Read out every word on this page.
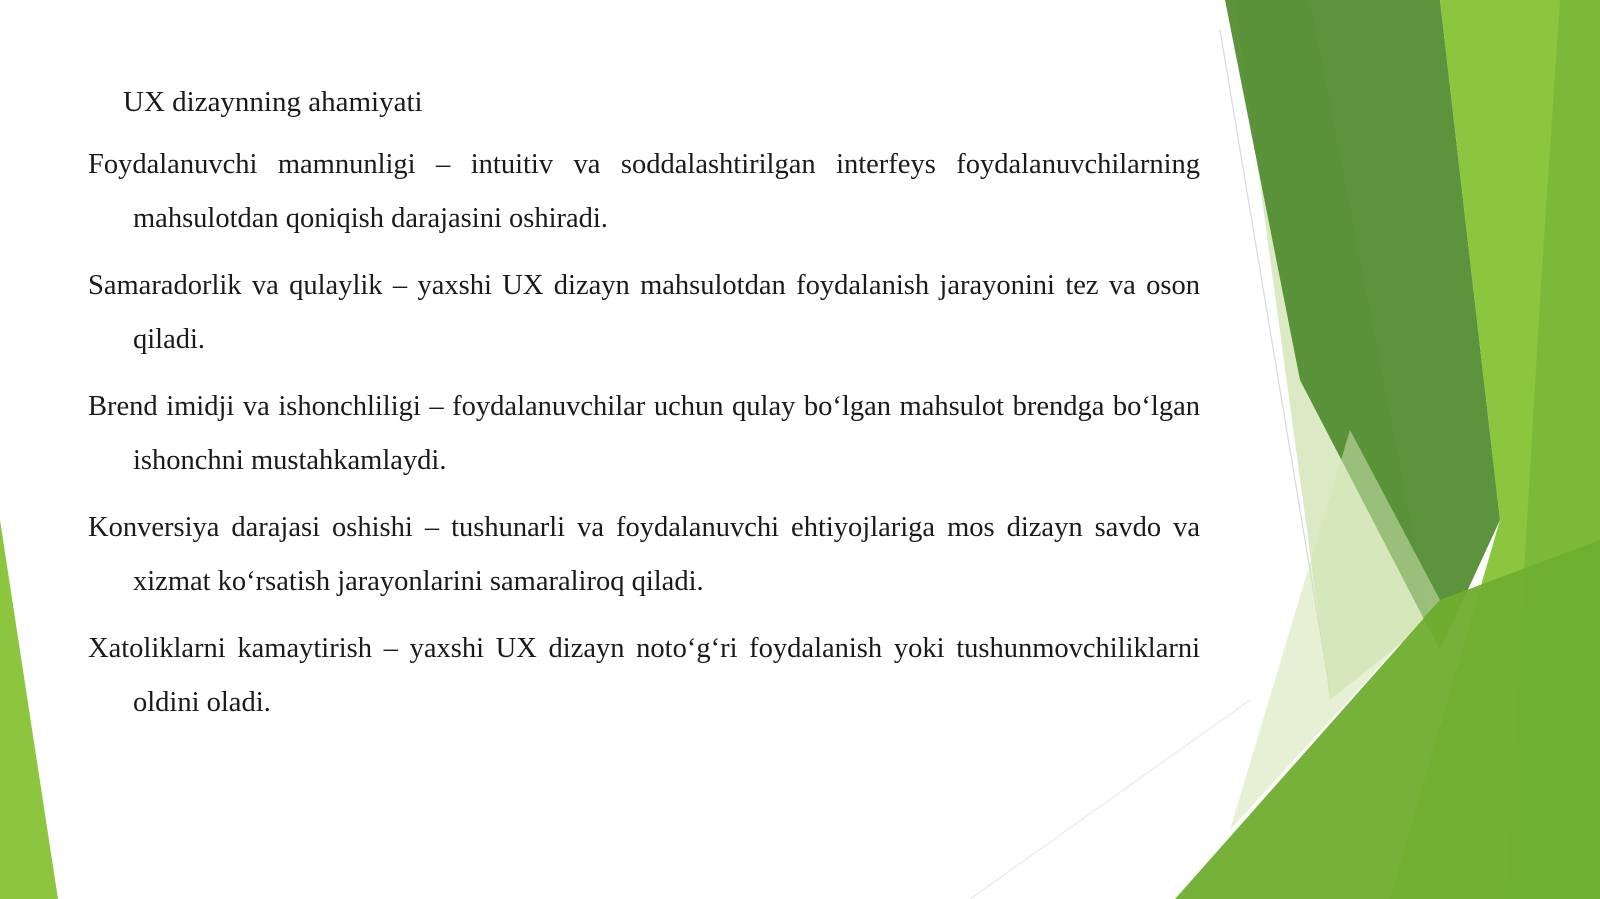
UX dizaynning ahamiyati
Foydalanuvchi mamnunligi – intuitiv va soddalashtirilgan interfeys foydalanuvchilarning mahsulotdan qoniqish darajasini oshiradi.
Samaradorlik va qulaylik – yaxshi UX dizayn mahsulotdan foydalanish jarayonini tez va oson qiladi.
Brend imidji va ishonchliligi – foydalanuvchilar uchun qulay bo‘lgan mahsulot brendga bo‘lgan ishonchni mustahkamlaydi.
Konversiya darajasi oshishi – tushunarli va foydalanuvchi ehtiyojlariga mos dizayn savdo va xizmat ko‘rsatish jarayonlarini samaraliroq qiladi.
Xatoliklarni kamaytirish – yaxshi UX dizayn noto‘g‘ri foydalanish yoki tushunmovchiliklarni oldini oladi.
